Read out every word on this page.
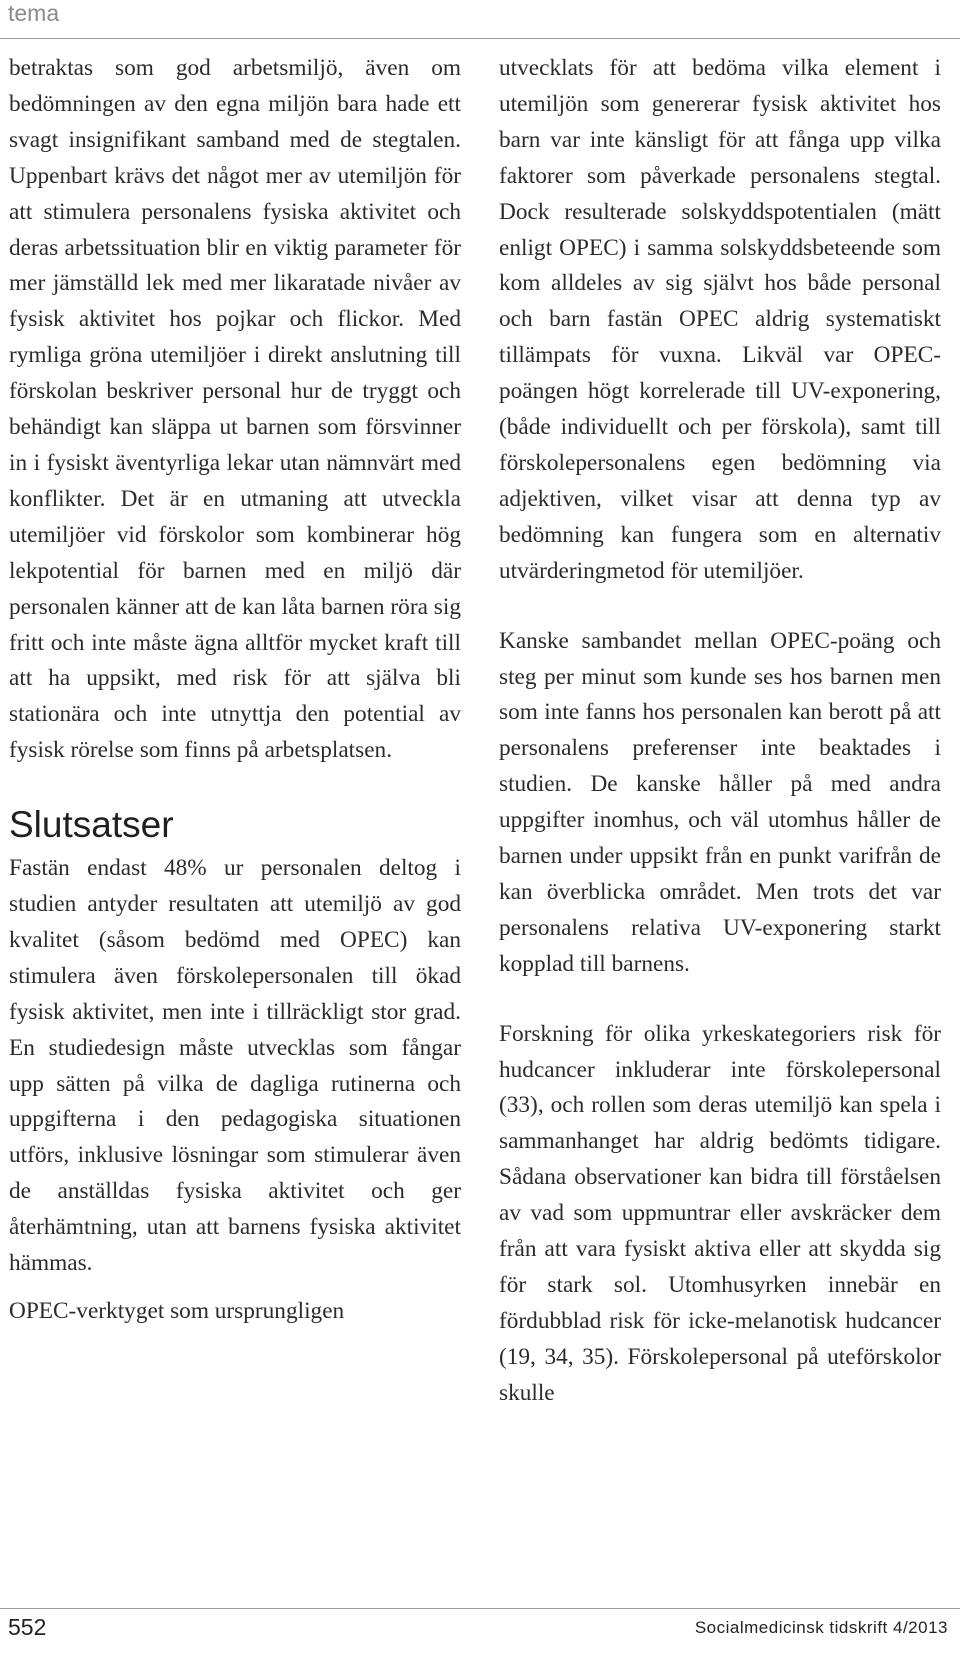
tema

betraktas som god arbetsmiljö, även om bedömningen av den egna miljön bara hade ett svagt insignifikant samband med de stegtalen. Uppenbart krävs det något mer av utemiljön för att stimulera personalens fysiska aktivitet och deras arbetssituation blir en viktig parameter för mer jämställd lek med mer likaratade nivåer av fysisk aktivitet hos pojkar och flickor. Med rymliga gröna utemiljöer i direkt anslutning till förskolan beskriver personal hur de tryggt och behändigt kan släppa ut barnen som försvinner in i fysiskt äventyrliga lekar utan nämnvärt med konflikter. Det är en utmaning att utveckla utemiljöer vid förskolor som kombinerar hög lekpotential för barnen med en miljö där personalen känner att de kan låta barnen röra sig fritt och inte måste ägna alltför mycket kraft till att ha uppsikt, med risk för att själva bli stationära och inte utnyttja den potential av fysisk rörelse som finns på arbetsplatsen.

Slutsatser

Fastän endast 48% ur personalen deltog i studien antyder resultaten att utemiljö av god kvalitet (såsom bedömd med OPEC) kan stimulera även förskolepersonalen till ökad fysisk aktivitet, men inte i tillräckligt stor grad. En studiedesign måste utvecklas som fångar upp sätten på vilka de dagliga rutinerna och uppgifterna i den pedagogiska situationen utförs, inklusive lösningar som stimulerar även de anställdas fysiska aktivitet och ger återhämtning, utan att barnens fysiska aktivitet hämmas.

OPEC-verktyget som ursprungligen

utvecklats för att bedöma vilka element i utemiljön som genererar fysisk aktivitet hos barn var inte känsligt för att fånga upp vilka faktorer som påverkade personalens stegtal. Dock resulterade solskyddspotentialen (mätt enligt OPEC) i samma solskyddsbeteende som kom alldeles av sig självt hos både personal och barn fastän OPEC aldrig systematiskt tillämpats för vuxna. Likväl var OPEC-poängen högt korrelerade till UV-exponering, (både individuellt och per förskola), samt till förskolepersonalens egen bedömning via adjektiven, vilket visar att denna typ av bedömning kan fungera som en alternativ utvärderingmetod för utemiljöer.

Kanske sambandet mellan OPEC-poäng och steg per minut som kunde ses hos barnen men som inte fanns hos personalen kan berott på att personalens preferenser inte beaktades i studien. De kanske håller på med andra uppgifter inomhus, och väl utomhus håller de barnen under uppsikt från en punkt varifrån de kan överblicka området. Men trots det var personalens relativa UV-exponering starkt kopplad till barnens.

Forskning för olika yrkeskategoriers risk för hudcancer inkluderar inte förskolepersonal (33), och rollen som deras utemiljö kan spela i sammanhanget har aldrig bedömts tidigare. Sådana observationer kan bidra till förståelsen av vad som uppmuntrar eller avskräcker dem från att vara fysiskt aktiva eller att skydda sig för stark sol. Utomhusyrken innebär en fördubblad risk för icke-melanotisk hudcancer (19, 34, 35). Förskolepersonal på uteförskolor skulle

552	Socialmedicinsk tidskrift 4/2013
